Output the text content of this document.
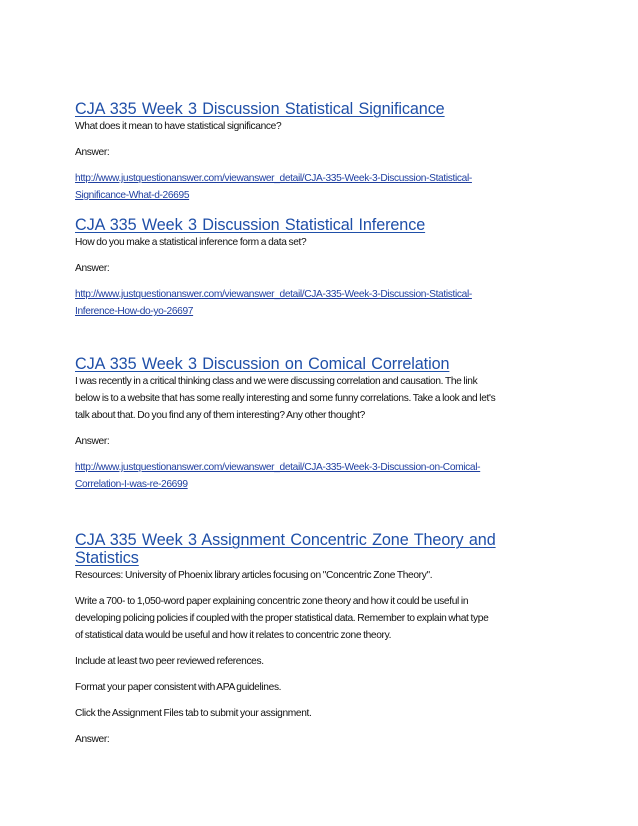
CJA 335 Week 3 Discussion Statistical Significance

What does it mean to have statistical significance?

Answer:

http://www.justquestionanswer.com/viewanswer_detail/CJA-335-Week-3-Discussion-Statistical-
Significance-What-d-26695

CJA 335 Week 3 Discussion Statistical Inference

How do you make a statistical inference form a data set?

Answer:

http://www.justquestionanswer.com/viewanswer_detail/CJA-335-Week-3-Discussion-Statistical-
Inference-How-do-yo-26697

CJA 335 Week 3 Discussion on Comical Correlation

I was recently in a critical thinking class and we were discussing correlation and causation. The link

below is to a website that has some really interesting and some funny correlations. Take a look and let's

talk about that. Do you find any of them interesting? Any other thought?

Answer:

http://www.justquestionanswer.com/viewanswer_detail/CJA-335-Week-3-Discussion-on-Comical-
Correlation-I-was-re-26699

CJA 335 Week 3 Assignment Concentric Zone Theory and

Statistics

Resources: University of Phoenix library articles focusing on "Concentric Zone Theory".

Write a 700- to 1,050-word paper explaining concentric zone theory and how it could be useful in

developing policing policies if coupled with the proper statistical data. Remember to explain what type

of statistical data would be useful and how it relates to concentric zone theory.

Include at least two peer reviewed references.

Format your paper consistent with APA guidelines.

Click the Assignment Files tab to submit your assignment.

Answer:
